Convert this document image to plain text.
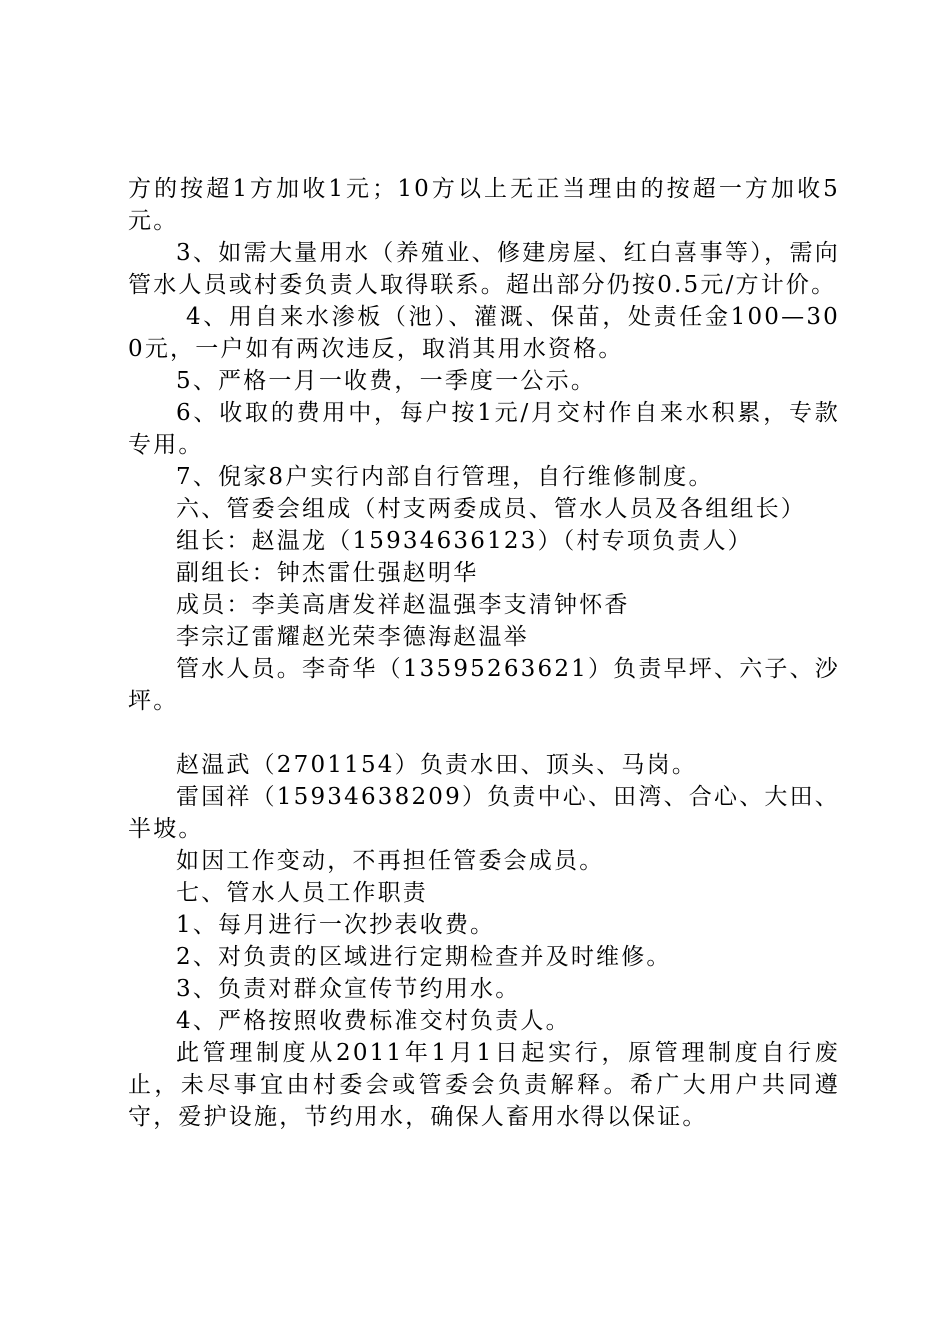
方的按超1方加收1元；10方以上无正当理由的按超一方加收5元。

3、如需大量用水（养殖业、修建房屋、红白喜事等），需向管水人员或村委负责人取得联系。超出部分仍按0.5元/方计价。

4、用自来水渗板（池）、灌溉、保苗，处责任金100—300元，一户如有两次违反，取消其用水资格。

5、严格一月一收费，一季度一公示。

6、收取的费用中，每户按1元/月交村作自来水积累，专款专用。

7、倪家8户实行内部自行管理，自行维修制度。

六、管委会组成（村支两委成员、管水人员及各组组长）

组长：赵温龙（15934636123）（村专项负责人）

副组长：钟杰雷仕强赵明华

成员：李美高唐发祥赵温强李支清钟怀香

李宗辽雷耀赵光荣李德海赵温举

管水人员。李奇华（13595263621）负责早坪、六子、沙坪。

赵温武（2701154）负责水田、顶头、马岗。

雷国祥（15934638209）负责中心、田湾、合心、大田、半坡。

如因工作变动，不再担任管委会成员。

七、管水人员工作职责

1、每月进行一次抄表收费。

2、对负责的区域进行定期检查并及时维修。

3、负责对群众宣传节约用水。

4、严格按照收费标准交村负责人。

此管理制度从2011年1月1日起实行，原管理制度自行废止，未尽事宜由村委会或管委会负责解释。希广大用户共同遵守，爱护设施，节约用水，确保人畜用水得以保证。
